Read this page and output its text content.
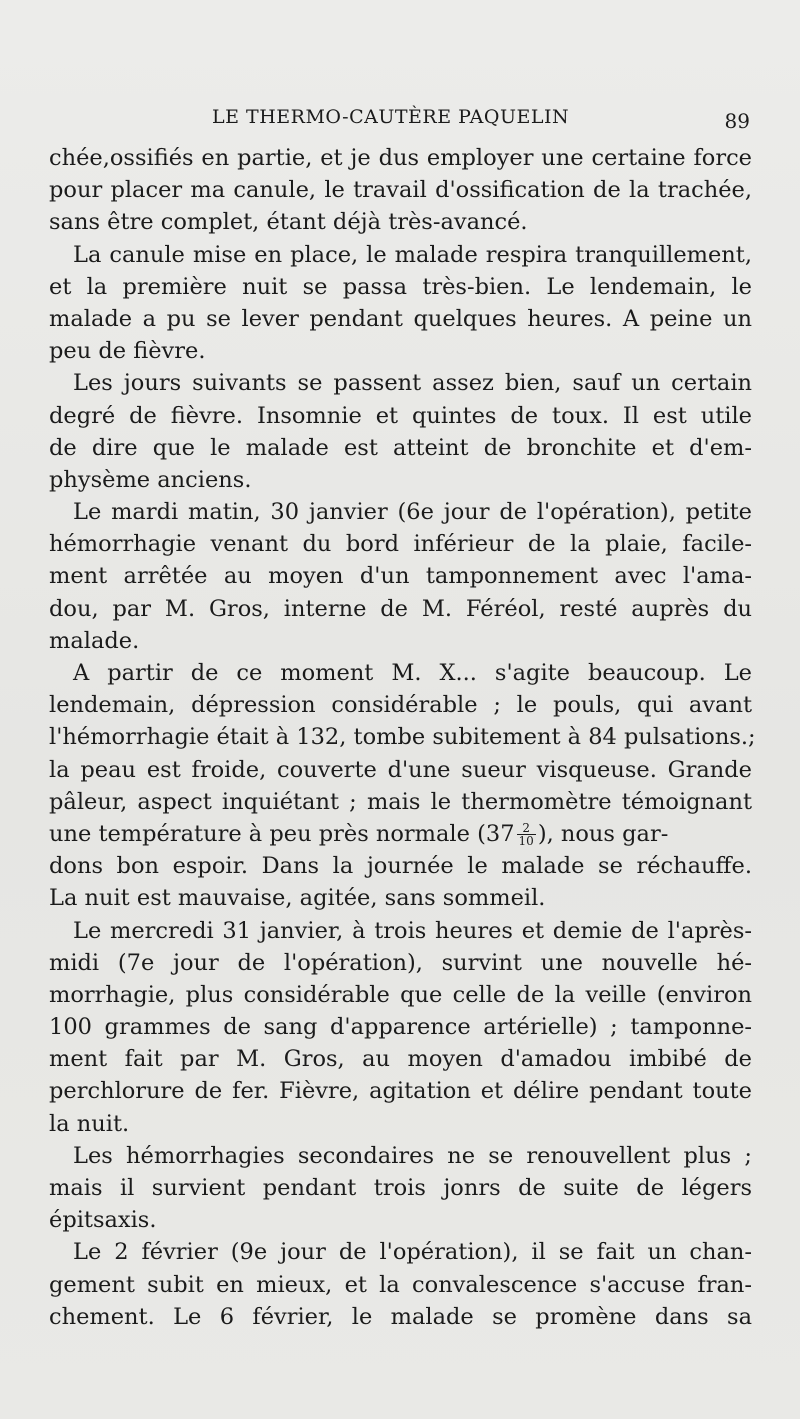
LE THERMO-CAUTÈRE PAQUELIN	89
chée,ossifiés en partie, et je dus employer une certaine force
pour placer ma canule, le travail d'ossification de la trachée,
sans être complet, étant déjà très-avancé.
La canule mise en place, le malade respira tranquillement,
et la première nuit se passa très-bien. Le lendemain, le
malade a pu se lever pendant quelques heures. A peine un
peu de fièvre.
Les jours suivants se passent assez bien, sauf un certain
degré de fièvre. Insomnie et quintes de toux. Il est utile
de dire que le malade est atteint de bronchite et d'em-
physème anciens.
Le mardi matin, 30 janvier (6e jour de l'opération), petite
hémorrhagie venant du bord inférieur de la plaie, facile-
ment arrêtée au moyen d'un tamponnement avec l'ama-
dou, par M. Gros, interne de M. Féréol, resté auprès du
malade.
A partir de ce moment M. X... s'agite beaucoup. Le
lendemain, dépression considérable ; le pouls, qui avant
l'hémorrhagie était à 132, tombe subitement à 84 pulsations.;
la peau est froide, couverte d'une sueur visqueuse. Grande
pâleur, aspect inquiétant ; mais le thermomètre témoignant
une température à peu près normale ($37 \frac{2}{10}$ ), nous gar-
dons bon espoir. Dans la journée le malade se réchauffe.
La nuit est mauvaise, agitée, sans sommeil.
Le mercredi 31 janvier, à trois heures et demie de l'après-
midi (7e jour de l'opération), survint une nouvelle hé-
morrhagie, plus considérable que celle de la veille (environ
100 grammes de sang d'apparence artérielle) ; tamponne-
ment fait par M. Gros, au moyen d'amadou imbibé de
perchlorure de fer. Fièvre, agitation et délire pendant toute
la nuit.
Les hémorrhagies secondaires ne se renouvellent plus ;
mais il survient pendant trois jonrs de suite de légers
épitsaxis.
Le 2 février (9e jour de l'opération), il se fait un chan-
gement subit en mieux, et la convalescence s'accuse fran-
chement. Le 6 février, le malade se promène dans sa
